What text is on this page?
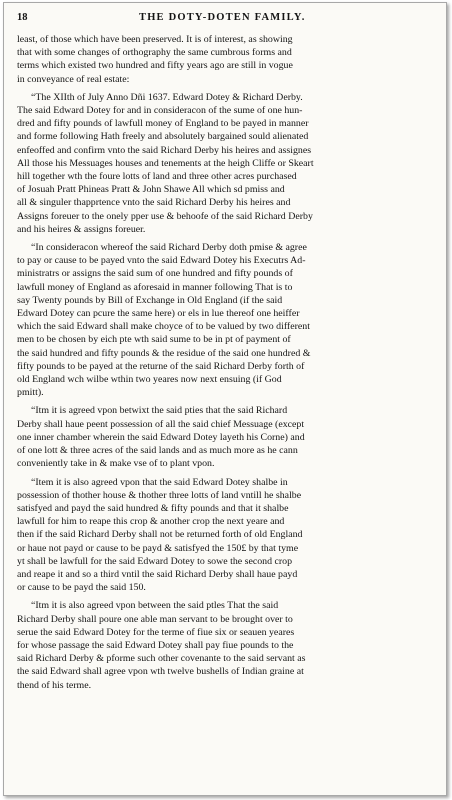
18	THE DOTY-DOTEN FAMILY.
least, of those which have been preserved. It is of interest, as showing
that with some changes of orthography the same cumbrous forms and
terms which existed two hundred and fifty years ago are still in vogue
in conveyance of real estate:
“The XIIth of July Anno Dñi 1637. Edward Dotey & Richard Derby.
The said Edward Dotey for and in consideracon of the sume of one hun-
dred and fifty pounds of lawfull money of England to be payed in manner
and forme following Hath freely and absolutely bargained sould alienated
enfeoffed and confirm vnto the said Richard Derby his heires and assignes
All those his Messuages houses and tenements at the heigh Cliffe or Skeart
hill together wth the foure lotts of land and three other acres purchased
of Josuah Pratt Phineas Pratt & John Shawe All which sd pmiss and
all & singuler thapprtence vnto the said Richard Derby his heires and
Assigns foreuer to the onely pper use & behoofe of the said Richard Derby
and his heires & assigns foreuer.
“In consideracon whereof the said Richard Derby doth pmise & agree
to pay or cause to be payed vnto the said Edward Dotey his Executrs Ad-
ministratrs or assigns the said sum of one hundred and fifty pounds of
lawfull money of England as aforesaid in manner following That is to
say Twenty pounds by Bill of Exchange in Old England (if the said
Edward Dotey can pcure the same here) or els in lue thereof one heiffer
which the said Edward shall make choyce of to be valued by two different
men to be chosen by eich pte wth said sume to be in pt of payment of
the said hundred and fifty pounds & the residue of the said one hundred &
fifty pounds to be payed at the returne of the said Richard Derby forth of
old England wch wilbe wthin two yeares now next ensuing (if God
pmitt).
“Itm it is agreed vpon betwixt the said pties that the said Richard
Derby shall haue peent possession of all the said chief Messuage (except
one inner chamber wherein the said Edward Dotey layeth his Corne) and
of one lott & three acres of the said lands and as much more as he cann
conveniently take in & make vse of to plant vpon.
“Item it is also agreed vpon that the said Edward Dotey shalbe in
possession of thother house & thother three lotts of land vntill he shalbe
satisfyed and payd the said hundred & fifty pounds and that it shalbe
lawfull for him to reape this crop & another crop the next yeare and
then if the said Richard Derby shall not be returned forth of old England
or haue not payd or cause to be payd & satisfyed the 150£ by that tyme
yt shall be lawfull for the said Edward Dotey to sowe the second crop
and reape it and so a third vntil the said Richard Derby shall haue payd
or cause to be payd the said 150.
“Itm it is also agreed vpon between the said ptles That the said
Richard Derby shall poure one able man servant to be brought over to
serue the said Edward Dotey for the terme of fiue six or seauen yeares
for whose passage the said Edward Dotey shall pay fiue pounds to the
said Richard Derby & pforme such other covenante to the said servant as
the said Edward shall agree vpon wth twelve bushells of Indian graine at
thend of his terme.
